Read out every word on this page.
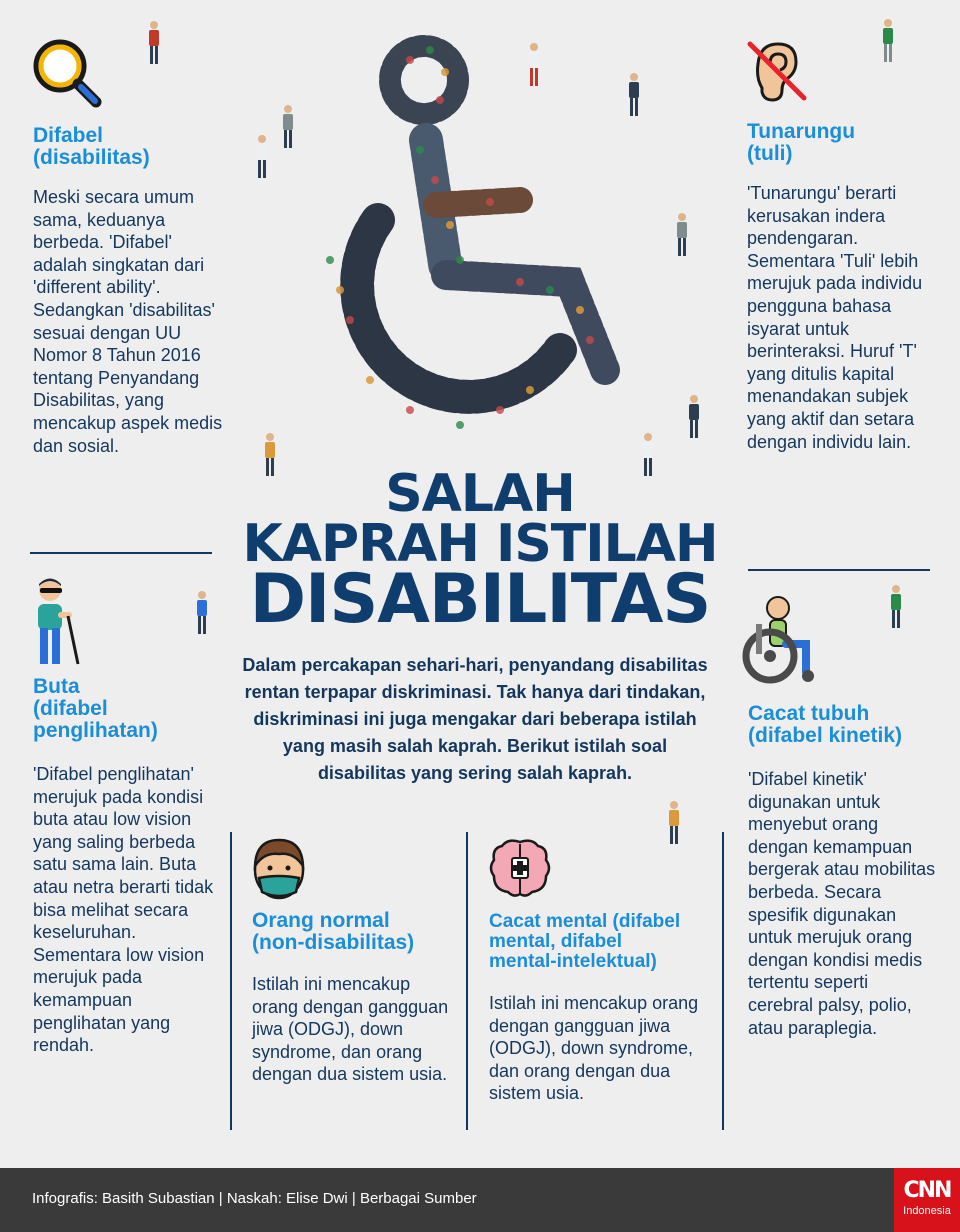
Difabel
(disabilitas)

Meski secara umum sama, keduanya berbeda. 'Difabel' adalah singkatan dari 'different ability'. Sedangkan 'disabilitas' sesuai dengan UU Nomor 8 Tahun 2016 tentang Penyandang Disabilitas, yang mencakup aspek medis dan sosial.

Buta
(difabel
penglihatan)

'Difabel penglihatan' merujuk pada kondisi buta atau low vision yang saling berbeda satu sama lain. Buta atau netra berarti tidak bisa melihat secara keseluruhan. Sementara low vision merujuk pada kemampuan penglihatan yang rendah.

SALAH
KAPRAH ISTILAH
DISABILITAS

Dalam percakapan sehari-hari, penyandang disabilitas rentan terpapar diskriminasi. Tak hanya dari tindakan, diskriminasi ini juga mengakar dari beberapa istilah yang masih salah kaprah. Berikut istilah soal disabilitas yang sering salah kaprah.

Orang normal
(non-disabilitas)

Istilah ini mencakup orang dengan gangguan jiwa (ODGJ), down syndrome, dan orang dengan dua sistem usia.

Cacat mental (difabel
mental, difabel
mental-intelektual)

Istilah ini mencakup orang dengan gangguan jiwa (ODGJ), down syndrome, dan orang dengan dua sistem usia.

Tunarungu
(tuli)

'Tunarungu' berarti kerusakan indera pendengaran. Sementara 'Tuli' lebih merujuk pada individu pengguna bahasa isyarat untuk berinteraksi. Huruf 'T' yang ditulis kapital menandakan subjek yang aktif dan setara dengan individu lain.

Cacat tubuh
(difabel kinetik)

'Difabel kinetik' digunakan untuk menyebut orang dengan kemampuan bergerak atau mobilitas berbeda. Secara spesifik digunakan untuk merujuk orang dengan kondisi medis tertentu seperti cerebral palsy, polio, atau paraplegia.

Infografis: Basith Subastian | Naskah: Elise Dwi | Berbagai Sumber	CNN
Indonesia
